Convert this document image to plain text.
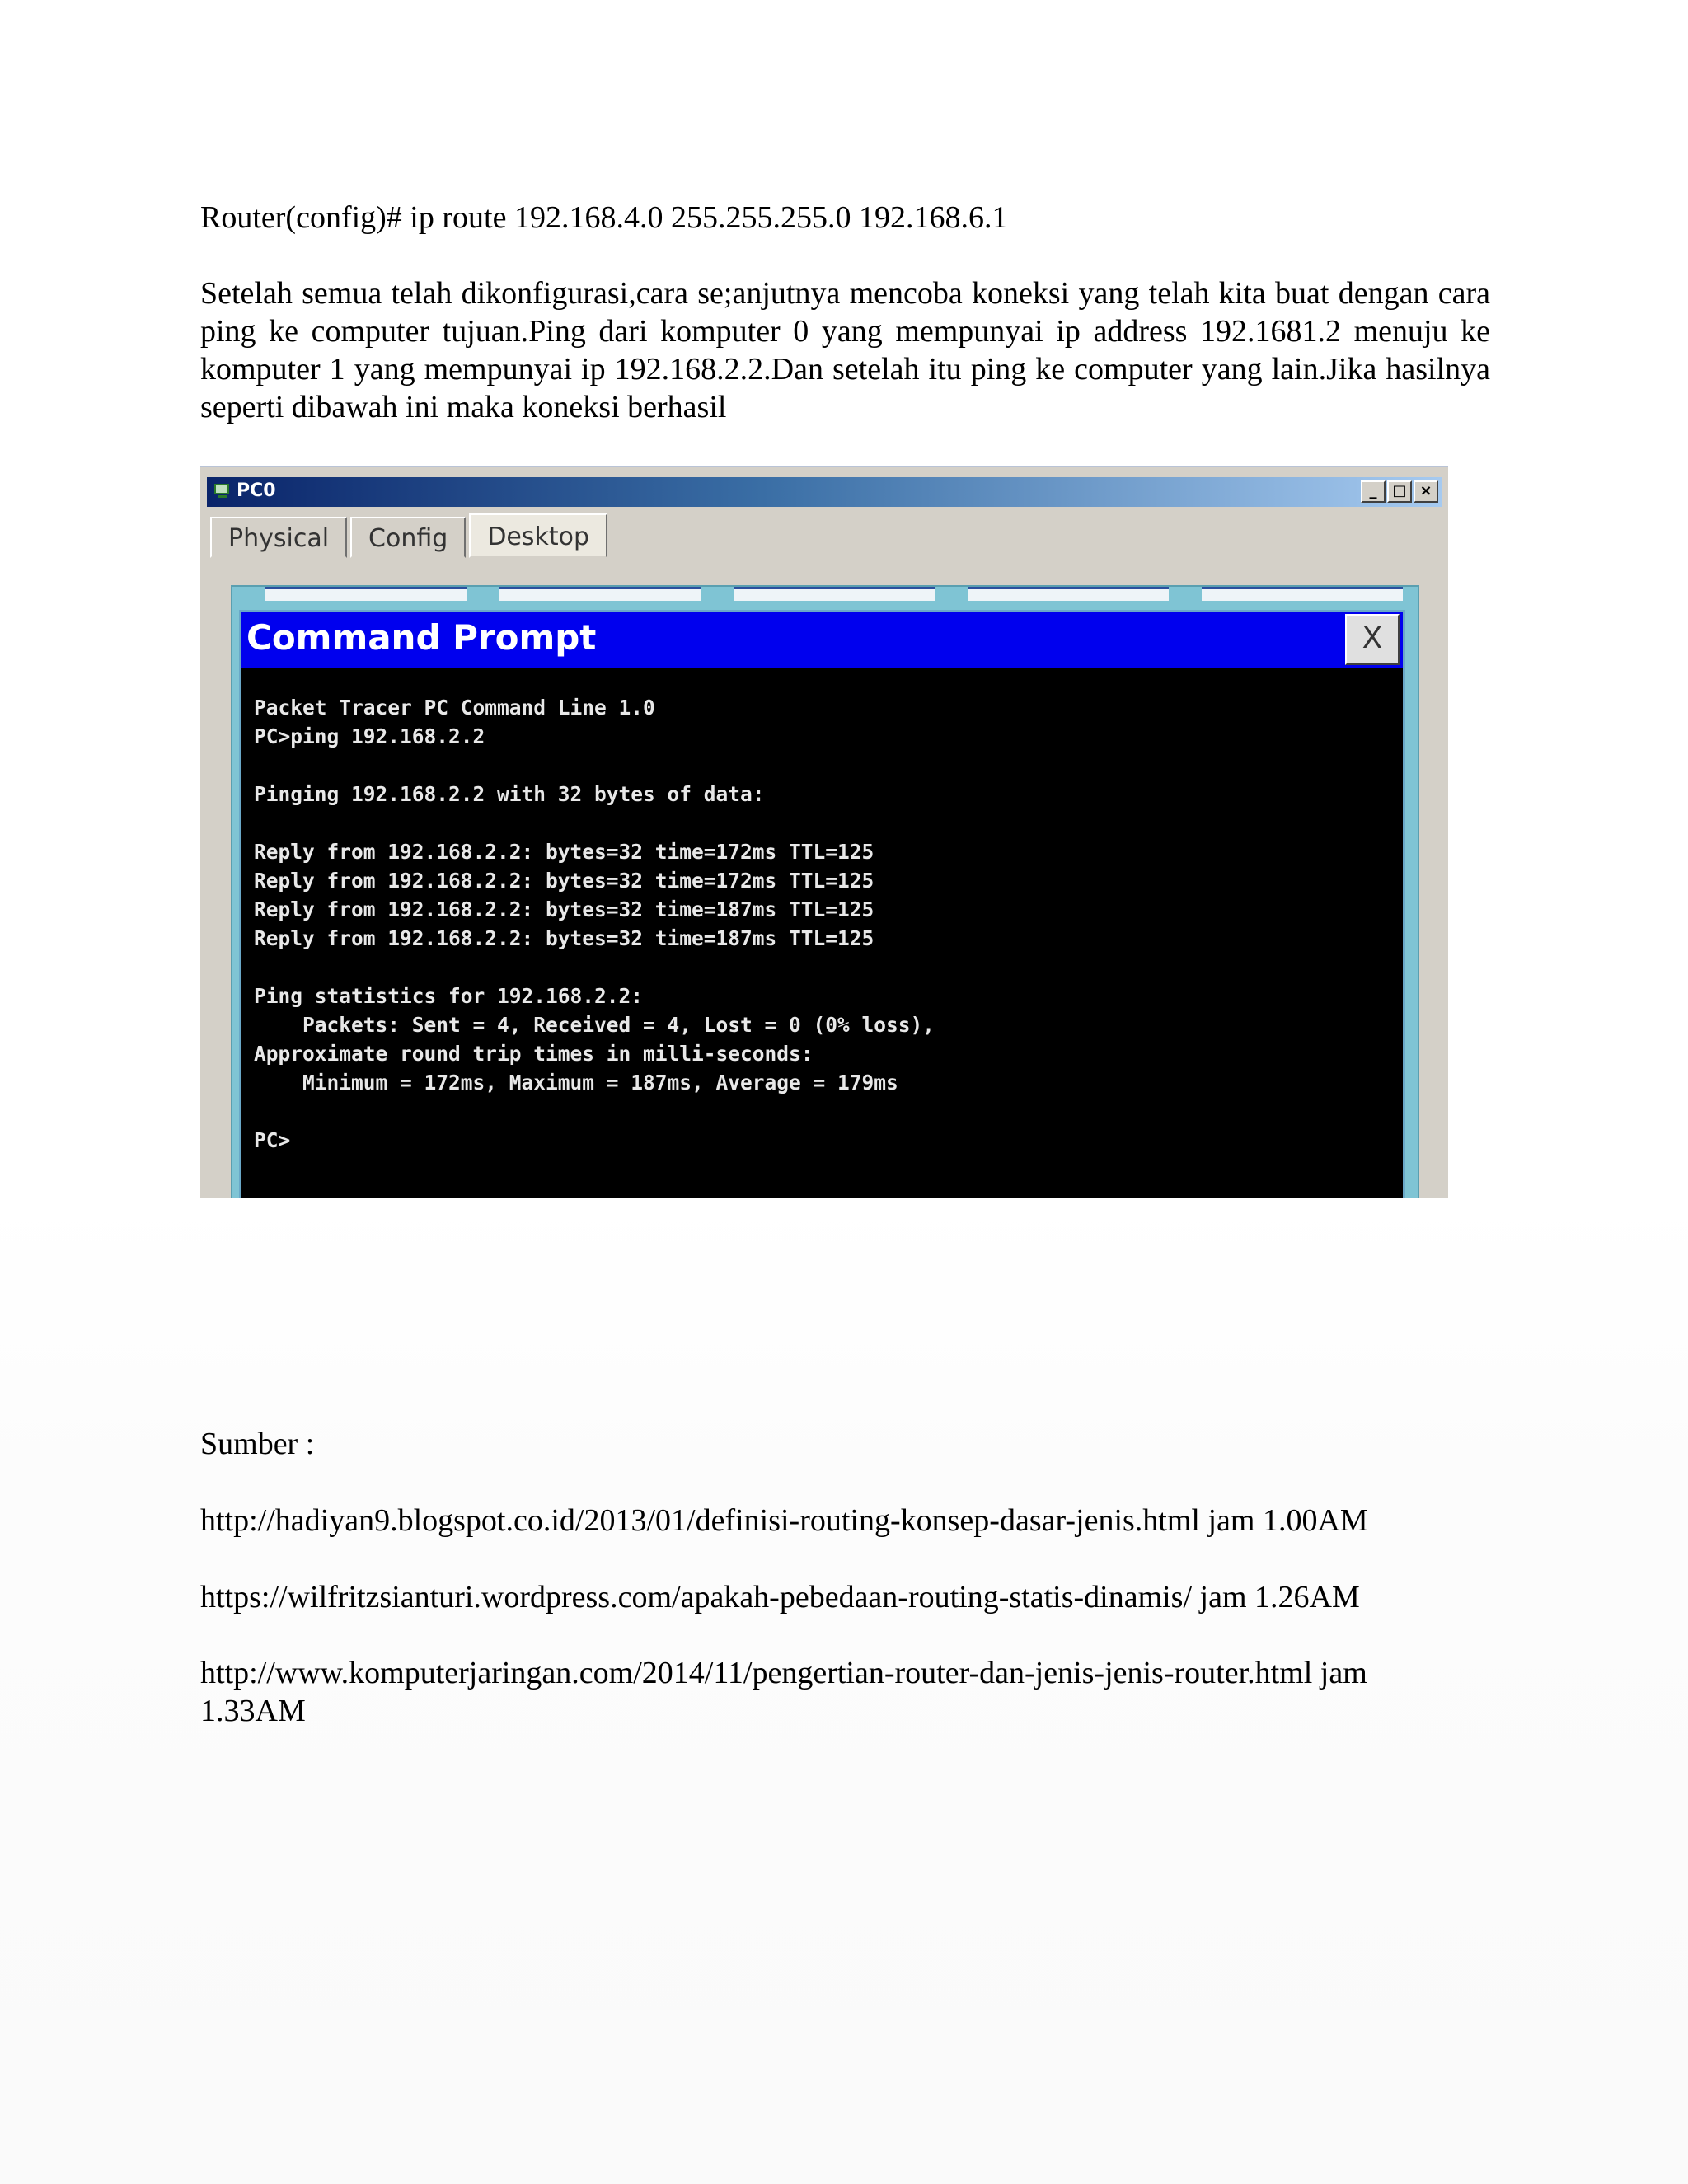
Router(config)# ip route 192.168.4.0 255.255.255.0 192.168.6.1
Setelah semua telah dikonfigurasi,cara se;anjutnya mencoba koneksi yang telah kita buat dengan cara ping ke computer tujuan.Ping dari komputer 0 yang mempunyai ip address 192.1681.2 menuju ke komputer 1 yang mempunyai ip 192.168.2.2.Dan setelah itu ping ke computer yang lain.Jika hasilnya seperti dibawah ini maka koneksi berhasil
PC0	_	□ ×
Physical	Config	Desktop
Command Prompt	X
Packet Tracer PC Command Line 1.0
PC>ping 192.168.2.2

Pinging 192.168.2.2 with 32 bytes of data:

Reply from 192.168.2.2: bytes=32 time=172ms TTL=125
Reply from 192.168.2.2: bytes=32 time=172ms TTL=125
Reply from 192.168.2.2: bytes=32 time=187ms TTL=125
Reply from 192.168.2.2: bytes=32 time=187ms TTL=125

Ping statistics for 192.168.2.2:
Packets: Sent = 4, Received = 4, Lost = 0 (0% loss),
Approximate round trip times in milli-seconds:
Minimum = 172ms, Maximum = 187ms, Average = 179ms

PC>
Sumber :
http://hadiyan9.blogspot.co.id/2013/01/definisi-routing-konsep-dasar-jenis.html jam 1.00AM
https://wilfritzsianturi.wordpress.com/apakah-pebedaan-routing-statis-dinamis/ jam 1.26AM
http://www.komputerjaringan.com/2014/11/pengertian-router-dan-jenis-jenis-router.html jam 1.33AM
